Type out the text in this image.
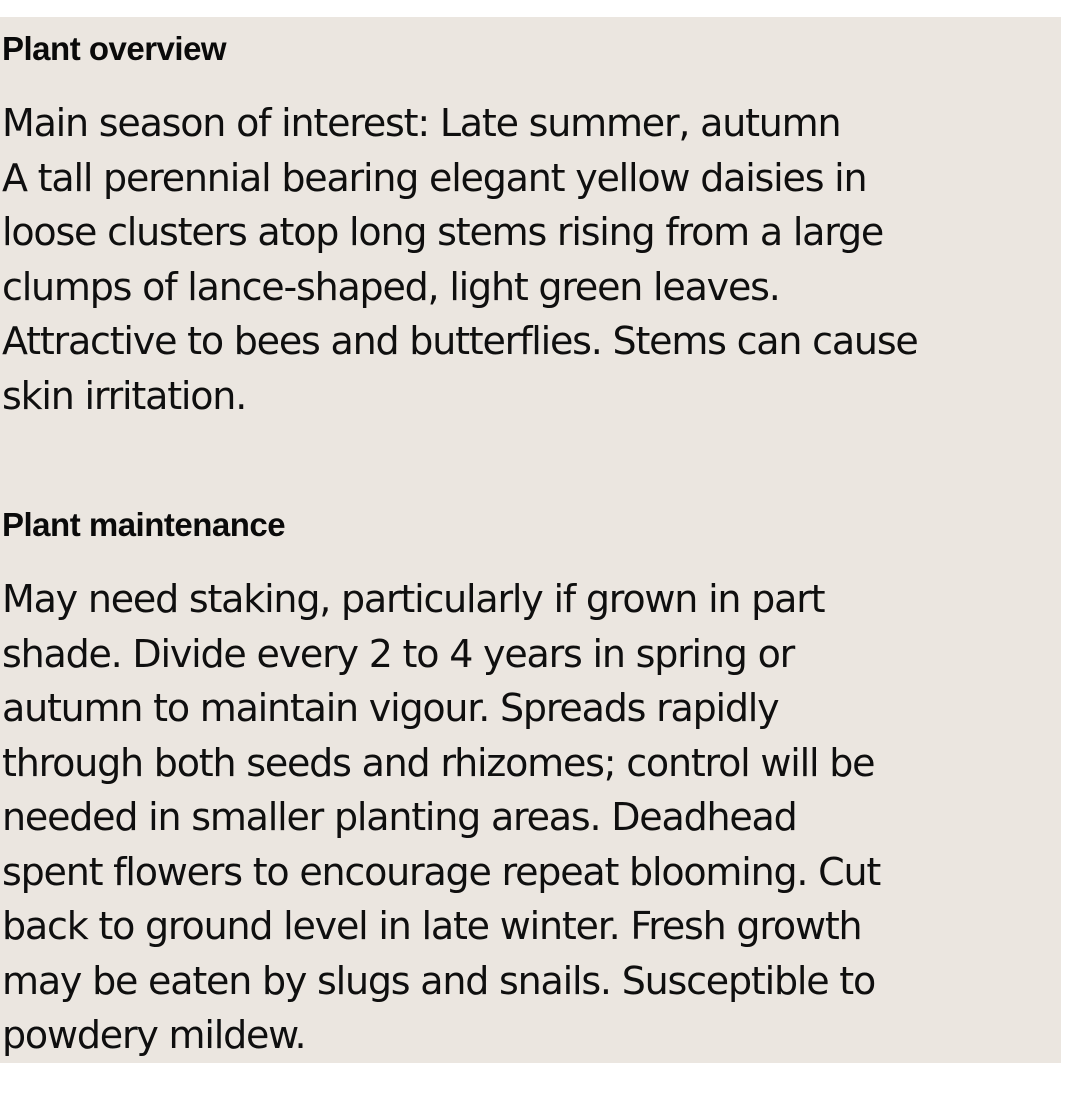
Plant overview

Main season of interest: Late summer, autumn
A tall perennial bearing elegant yellow daisies in
loose clusters atop long stems rising from a large
clumps of lance-shaped, light green leaves.
Attractive to bees and butterflies. Stems can cause
skin irritation.

Plant maintenance

May need staking, particularly if grown in part
shade. Divide every 2 to 4 years in spring or
autumn to maintain vigour. Spreads rapidly
through both seeds and rhizomes; control will be
needed in smaller planting areas. Deadhead
spent flowers to encourage repeat blooming. Cut
back to ground level in late winter. Fresh growth
may be eaten by slugs and snails. Susceptible to
powdery mildew.
